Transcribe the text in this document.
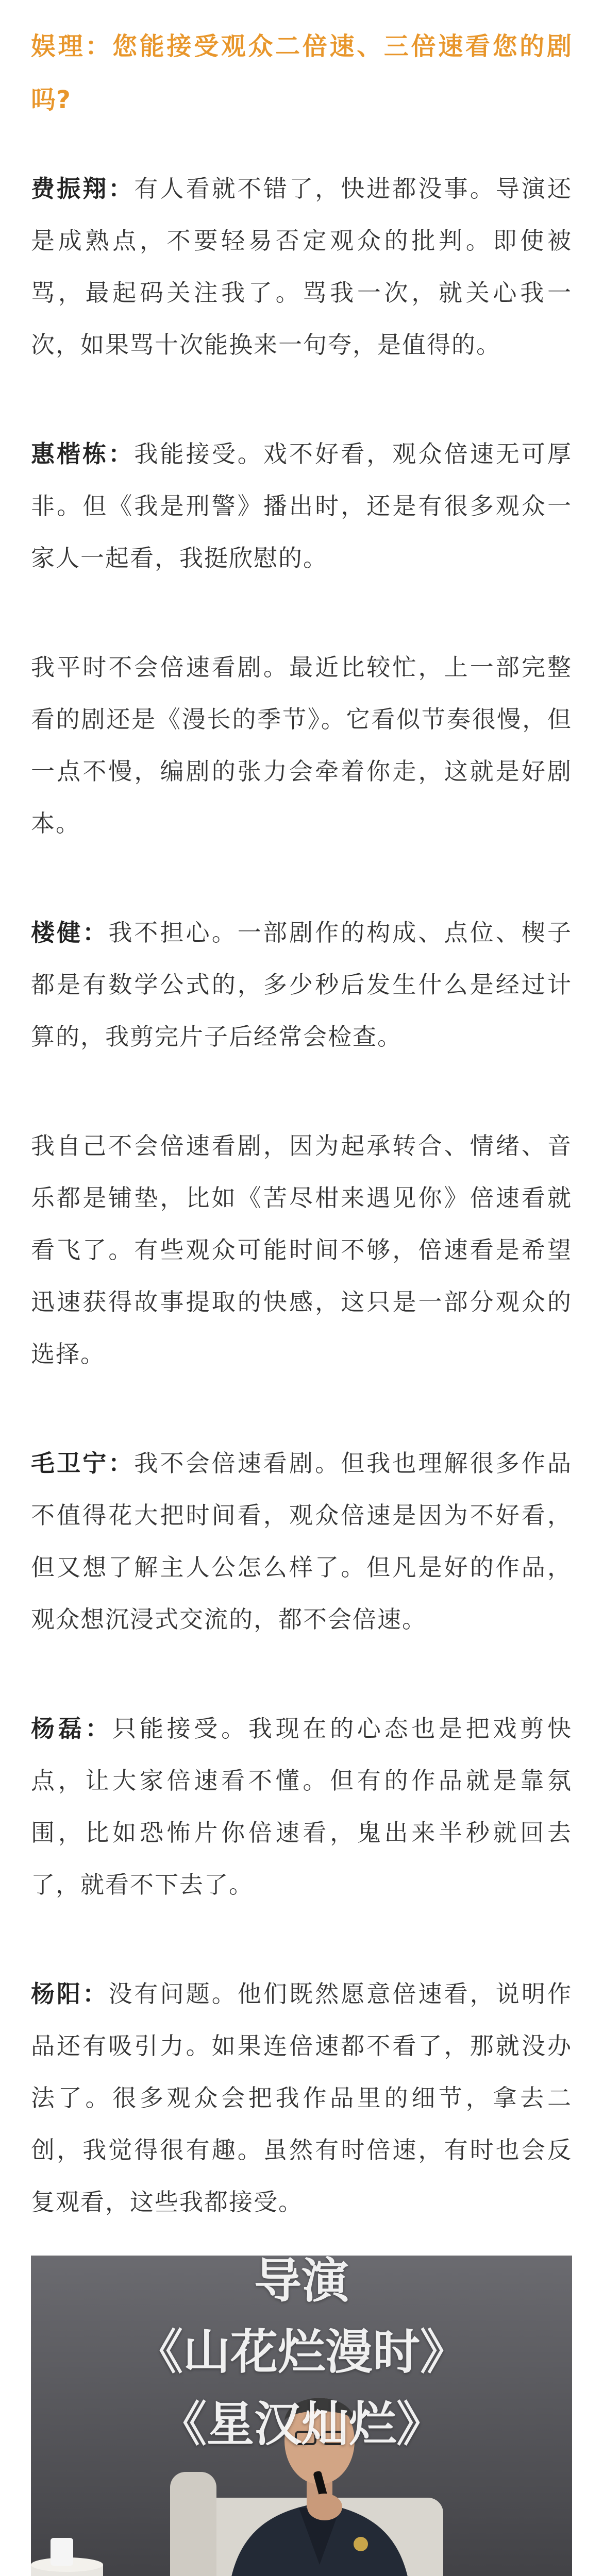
娱理：您能接受观众二倍速、三倍速看您的剧吗?

费振翔：有人看就不错了，快进都没事。导演还是成熟点，不要轻易否定观众的批判。即使被骂，最起码关注我了。骂我一次，就关心我一次，如果骂十次能换来一句夸，是值得的。

惠楷栋：我能接受。戏不好看，观众倍速无可厚非。但《我是刑警》播出时，还是有很多观众一家人一起看，我挺欣慰的。

我平时不会倍速看剧。最近比较忙，上一部完整看的剧还是《漫长的季节》。它看似节奏很慢，但一点不慢，编剧的张力会牵着你走，这就是好剧本。

楼健：我不担心。一部剧作的构成、点位、楔子都是有数学公式的，多少秒后发生什么是经过计算的，我剪完片子后经常会检查。

我自己不会倍速看剧，因为起承转合、情绪、音乐都是铺垫，比如《苦尽柑来遇见你》倍速看就看飞了。有些观众可能时间不够，倍速看是希望迅速获得故事提取的快感，这只是一部分观众的选择。

毛卫宁：我不会倍速看剧。但我也理解很多作品不值得花大把时间看，观众倍速是因为不好看，但又想了解主人公怎么样了。但凡是好的作品，观众想沉浸式交流的，都不会倍速。

杨磊：只能接受。我现在的心态也是把戏剪快点，让大家倍速看不懂。但有的作品就是靠氛围，比如恐怖片你倍速看，鬼出来半秒就回去了，就看不下去了。

杨阳：没有问题。他们既然愿意倍速看，说明作品还有吸引力。如果连倍速都不看了，那就没办法了。很多观众会把我作品里的细节，拿去二创，我觉得很有趣。虽然有时倍速，有时也会反复观看，这些我都接受。

导演
《山花烂漫时》
《星汉灿烂》
